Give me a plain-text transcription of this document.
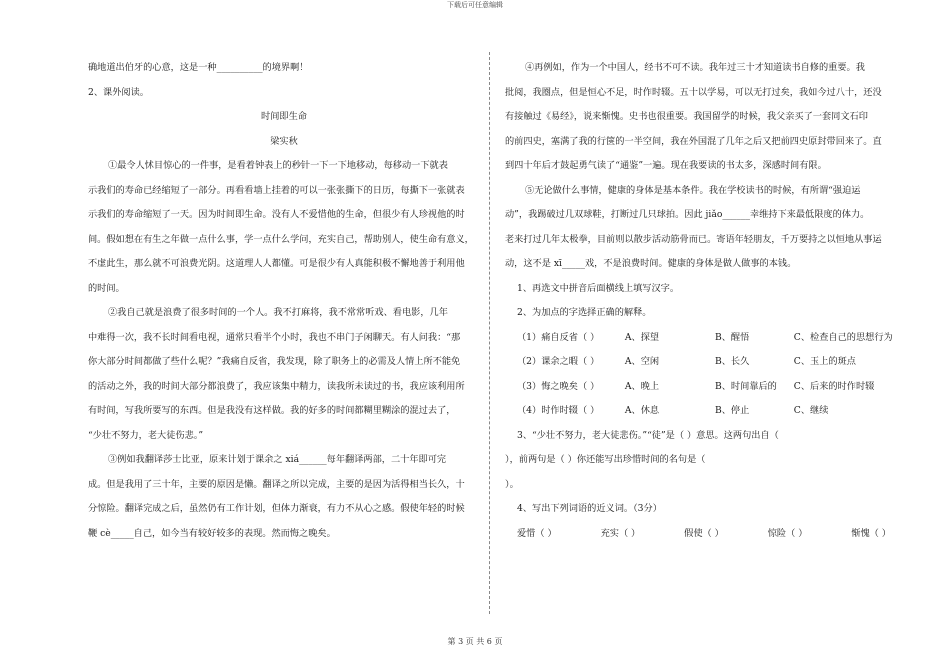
下载后可任意编辑
确地道出伯牙的心意，这是一种__________的境界啊！
2、课外阅读。
时间即生命
梁实秋
①最令人怵目惊心的一件事，是看着钟表上的秒针一下一下地移动，每移动一下就表
示我们的寿命已经缩短了一部分。再看看墙上挂着的可以一张张撕下的日历，每撕下一张就表
示我们的寿命缩短了一天。因为时间即生命。没有人不爱惜他的生命，但很少有人珍视他的时
间。假如想在有生之年做一点什么事，学一点什么学问，充实自己，帮助别人，使生命有意义，
不虚此生，那么就不可浪费光阴。这道理人人都懂。可是很少有人真能积极不懈地善于利用他
的时间。
②我自己就是浪费了很多时间的一个人。我不打麻将，我不常常听戏、看电影，几年
中难得一次，我不长时间看电视，通常只看半个小时，我也不串门子闲聊天。有人问我：“那
你大部分时间都做了些什么呢？”我痛自反省，我发现，除了职务上的必需及人情上所不能免
的活动之外，我的时间大部分都浪费了，我应该集中精力，读我所未读过的书，我应该利用所
有时间，写我所要写的东西。但是我没有这样做。我的好多的时间都糊里糊涂的混过去了，
“少壮不努力，老大徒伤悲。”
③例如我翻译莎士比亚，原来计划于课余之 xiá______每年翻译两部，二十年即可完
成。但是我用了三十年，主要的原因是懒。翻译之所以完成，主要的是因为活得相当长久，十
分惊险。翻译完成之后，虽然仍有工作计划，但体力渐衰，有力不从心之感。假使年轻的时候
鞭 cè_____自己，如今当有较好较多的表现。然而悔之晚矣。
④再例如，作为一个中国人，经书不可不读。我年过三十才知道读书自修的重要。我
批阅，我圈点，但是恒心不足，时作时辍。五十以学易，可以无打过矣，我如今过八十，还没
有接触过《易经》，说来惭愧。史书也很重要。我国留学的时候，我父亲买了一套同文石印
的前四史，塞满了我的行箧的一半空间，我在外国混了几年之后又把前四史原封带回来了。直
到四十年后才鼓起勇气读了“通鉴”一遍。现在我要读的书太多，深感时间有限。
⑤无论做什么事情，健康的身体是基本条件。我在学校读书的时候，有所谓“强迫运
动”，我踢破过几双球鞋，打断过几只球拍。因此 jiǎo______幸维持下来最低限度的体力。
老来打过几年太极拳，目前则以散步活动筋骨而已。寄语年轻朋友，千万要持之以恒地从事运
动，这不是 xī_____戏，不是浪费时间。健康的身体是做人做事的本钱。
1、再选文中拼音后面横线上填写汉字。
2、为加点的字选择正确的解释。
（1）痛自反省（ ）	A、探望	B、醒悟	C、检查自己的思想行为
（2）课余之暇（ ）	A、空闲	B、长久	C、玉上的斑点
（3）悔之晚矣（ ）	A、晚上	B、时间靠后的	C、后来的时作时辍
（4）时作时辍（ ）	A、休息	B、停止	C、继续
3、“少壮不努力，老大徒悲伤。”“徒”是（ ）意思。这两句出自（
），前两句是（ ）你还能写出珍惜时间的名句是（
）。
4、写出下列词语的近义词。（3分）
爱惜（ ）	充实（ ）	假使（ ）	惊险（ ）	惭愧（ ）
第 3 页 共 6 页
